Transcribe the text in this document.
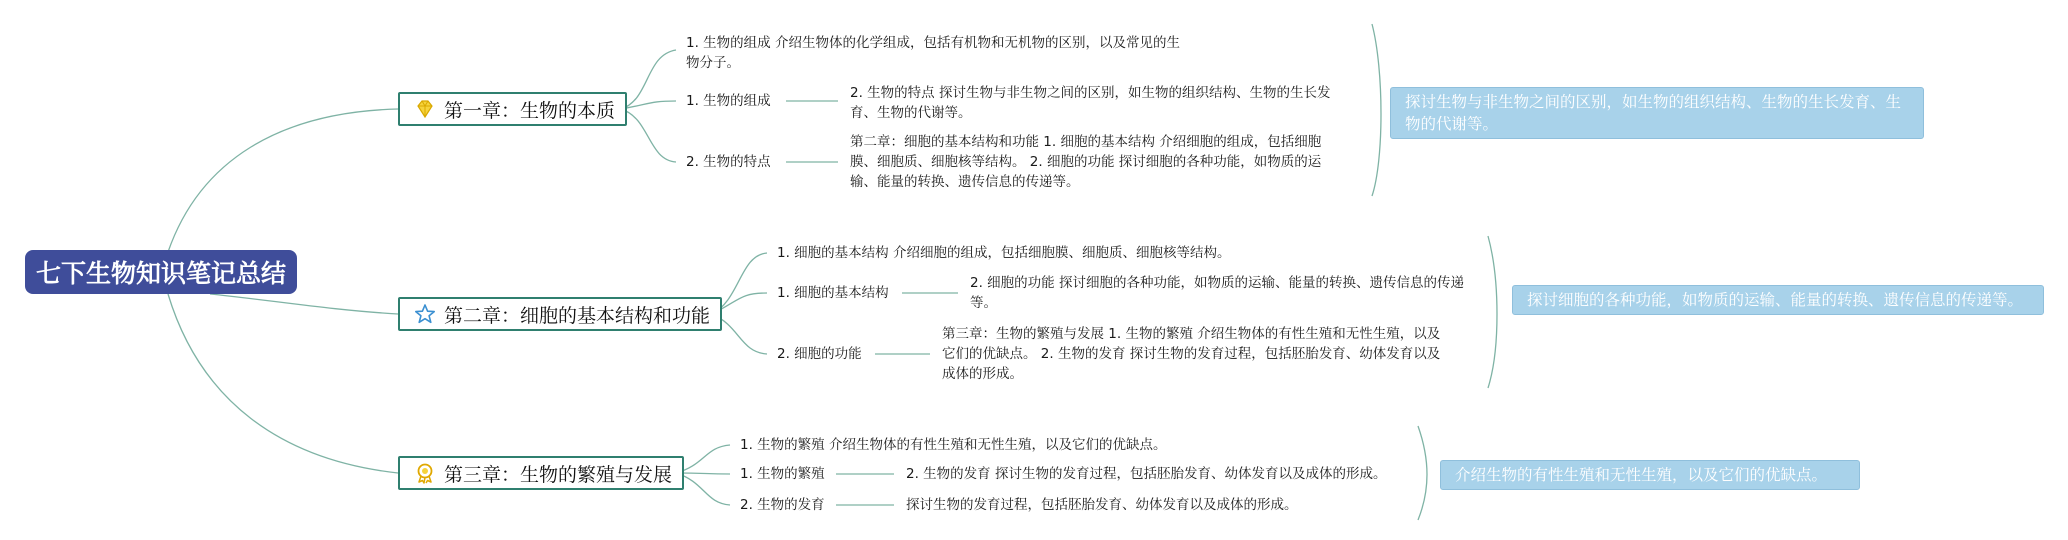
七下生物知识笔记总结
第一章：生物的本质
1. 生物的组成 介绍生物体的化学组成，包括有机物和无机物的区别，以及常见的生物分子。
1. 生物的组成	2. 生物的特点 探讨生物与非生物之间的区别，如生物的组织结构、生物的生长发育、生物的代谢等。
2. 生物的特点
第二章：细胞的基本结构和功能 1. 细胞的基本结构 介绍细胞的组成，包括细胞膜、细胞质、细胞核等结构。 2. 细胞的功能 探讨细胞的各种功能，如物质的运输、能量的转换、遗传信息的传递等。
探讨生物与非生物之间的区别，如生物的组织结构、生物的生长发育、生物的代谢等。
第二章：细胞的基本结构和功能
1. 细胞的基本结构 介绍细胞的组成，包括细胞膜、细胞质、细胞核等结构。
1. 细胞的基本结构
2. 细胞的功能 探讨细胞的各种功能，如物质的运输、能量的转换、遗传信息的传递等。
2. 细胞的功能
第三章：生物的繁殖与发展 1. 生物的繁殖 介绍生物体的有性生殖和无性生殖，以及它们的优缺点。 2. 生物的发育 探讨生物的发育过程，包括胚胎发育、幼体发育以及成体的形成。
探讨细胞的各种功能，如物质的运输、能量的转换、遗传信息的传递等。
第三章：生物的繁殖与发展
1. 生物的繁殖 介绍生物体的有性生殖和无性生殖，以及它们的优缺点。
1. 生物的繁殖	2. 生物的发育 探讨生物的发育过程，包括胚胎发育、幼体发育以及成体的形成。
2. 生物的发育	探讨生物的发育过程，包括胚胎发育、幼体发育以及成体的形成。
介绍生物的有性生殖和无性生殖，以及它们的优缺点。
